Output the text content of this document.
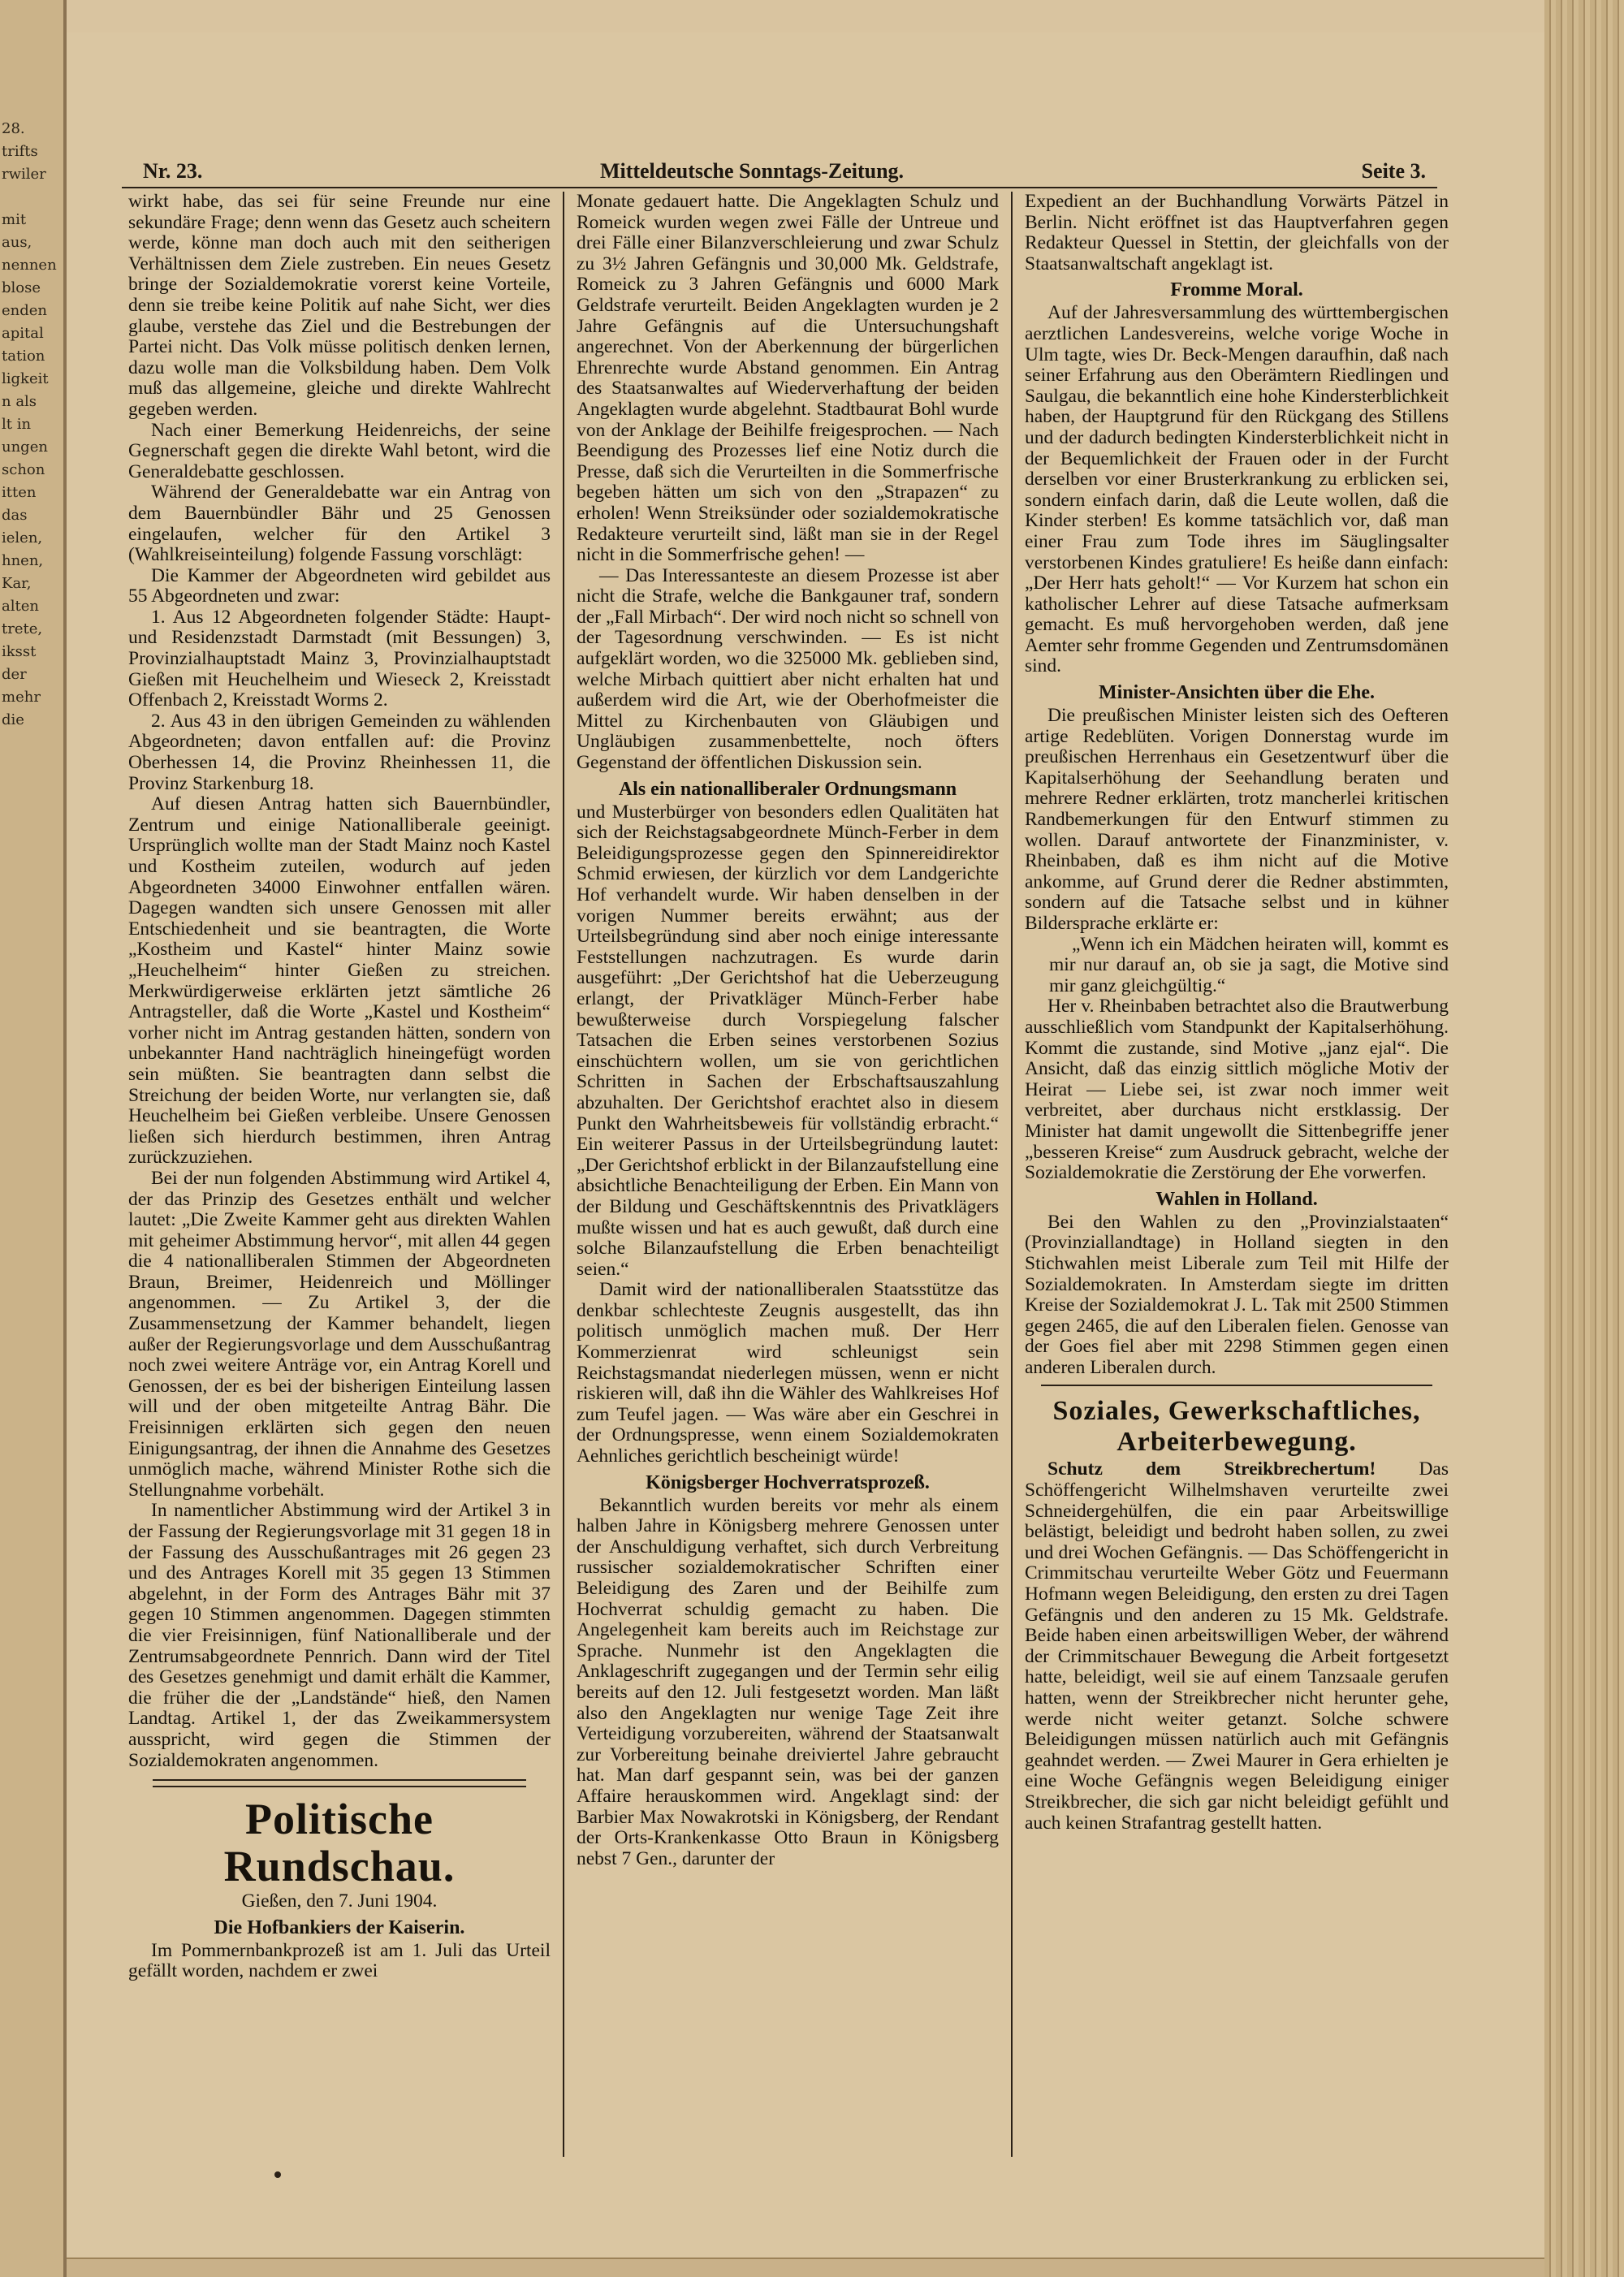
28.
trifts
rwiler
mit
aus,
nennen
blose
enden
apital
tation
ligkeit
n als
lt in
ungen
schon
itten
das
ielen,
hnen,
Kar,
alten
trete,
iksst
der
mehr
die
Nr. 23.	Mitteldeutsche Sonntags-Zeitung.	Seite 3.

wirkt habe, das sei für seine Freunde nur eine sekundäre Frage; denn wenn das Gesetz auch scheitern werde, könne man doch auch mit den seitherigen Verhältnissen dem Ziele zustreben. Ein neues Gesetz bringe der Sozialdemokratie vorerst keine Vorteile, denn sie treibe keine Politik auf nahe Sicht, wer dies glaube, verstehe das Ziel und die Bestrebungen der Partei nicht. Das Volk müsse politisch denken lernen, dazu wolle man die Volksbildung haben. Dem Volk muß das allgemeine, gleiche und direkte Wahlrecht gegeben werden.

Nach einer Bemerkung Heidenreichs, der seine Gegnerschaft gegen die direkte Wahl betont, wird die Generaldebatte geschlossen.

Während der Generaldebatte war ein Antrag von dem Bauernbündler Bähr und 25 Genossen eingelaufen, welcher für den Artikel 3 (Wahlkreiseinteilung) folgende Fassung vorschlägt:

Die Kammer der Abgeordneten wird gebildet aus 55 Abgeordneten und zwar:

1. Aus 12 Abgeordneten folgender Städte: Haupt- und Residenzstadt Darmstadt (mit Bessungen) 3, Provinzialhauptstadt Mainz 3, Provinzialhauptstadt Gießen mit Heuchelheim und Wieseck 2, Kreisstadt Offenbach 2, Kreisstadt Worms 2.

2. Aus 43 in den übrigen Gemeinden zu wählenden Abgeordneten; davon entfallen auf: die Provinz Oberhessen 14, die Provinz Rheinhessen 11, die Provinz Starkenburg 18.

Auf diesen Antrag hatten sich Bauernbündler, Zentrum und einige Nationalliberale geeinigt. Ursprünglich wollte man der Stadt Mainz noch Kastel und Kostheim zuteilen, wodurch auf jeden Abgeordneten 34000 Einwohner entfallen wären. Dagegen wandten sich unsere Genossen mit aller Entschiedenheit und sie beantragten, die Worte „Kostheim und Kastel“ hinter Mainz sowie „Heuchelheim“ hinter Gießen zu streichen. Merkwürdigerweise erklärten jetzt sämtliche 26 Antragsteller, daß die Worte „Kastel und Kostheim“ vorher nicht im Antrag gestanden hätten, sondern von unbekannter Hand nachträglich hineingefügt worden sein müßten. Sie beantragten dann selbst die Streichung der beiden Worte, nur verlangten sie, daß Heuchelheim bei Gießen verbleibe. Unsere Genossen ließen sich hierdurch bestimmen, ihren Antrag zurückzuziehen.

Bei der nun folgenden Abstimmung wird Artikel 4, der das Prinzip des Gesetzes enthält und welcher lautet: „Die Zweite Kammer geht aus direkten Wahlen mit geheimer Abstimmung hervor“, mit allen 44 gegen die 4 nationalliberalen Stimmen der Abgeordneten Braun, Breimer, Heidenreich und Möllinger angenommen. — Zu Artikel 3, der die Zusammensetzung der Kammer behandelt, liegen außer der Regierungsvorlage und dem Ausschußantrag noch zwei weitere Anträge vor, ein Antrag Korell und Genossen, der es bei der bisherigen Einteilung lassen will und der oben mitgeteilte Antrag Bähr. Die Freisinnigen erklärten sich gegen den neuen Einigungsantrag, der ihnen die Annahme des Gesetzes unmöglich mache, während Minister Rothe sich die Stellungnahme vorbehält.

In namentlicher Abstimmung wird der Artikel 3 in der Fassung der Regierungsvorlage mit 31 gegen 18 in der Fassung des Ausschußantrages mit 26 gegen 23 und des Antrages Korell mit 35 gegen 13 Stimmen abgelehnt, in der Form des Antrages Bähr mit 37 gegen 10 Stimmen angenommen. Dagegen stimmten die vier Freisinnigen, fünf Nationalliberale und der Zentrumsabgeordnete Pennrich. Dann wird der Titel des Gesetzes genehmigt und damit erhält die Kammer, die früher die der „Landstände“ hieß, den Namen Landtag. Artikel 1, der das Zweikammersystem ausspricht, wird gegen die Stimmen der Sozialdemokraten angenommen.

Politische Rundschau.
Gießen, den 7. Juni 1904.
Die Hofbankiers der Kaiserin.

Im Pommernbankprozeß ist am 1. Juli das Urteil gefällt worden, nachdem er zwei

Monate gedauert hatte. Die Angeklagten Schulz und Romeick wurden wegen zwei Fälle der Untreue und drei Fälle einer Bilanzverschleierung und zwar Schulz zu 3½ Jahren Gefängnis und 30,000 Mk. Geldstrafe, Romeick zu 3 Jahren Gefängnis und 6000 Mark Geldstrafe verurteilt. Beiden Angeklagten wurden je 2 Jahre Gefängnis auf die Untersuchungshaft angerechnet. Von der Aberkennung der bürgerlichen Ehrenrechte wurde Abstand genommen. Ein Antrag des Staatsanwaltes auf Wiederverhaftung der beiden Angeklagten wurde abgelehnt. Stadtbaurat Bohl wurde von der Anklage der Beihilfe freigesprochen. — Nach Beendigung des Prozesses lief eine Notiz durch die Presse, daß sich die Verurteilten in die Sommerfrische begeben hätten um sich von den „Strapazen“ zu erholen! Wenn Streiksünder oder sozialdemokratische Redakteure verurteilt sind, läßt man sie in der Regel nicht in die Sommerfrische gehen! —

— Das Interessanteste an diesem Prozesse ist aber nicht die Strafe, welche die Bankgauner traf, sondern der „Fall Mirbach“. Der wird noch nicht so schnell von der Tagesordnung verschwinden. — Es ist nicht aufgeklärt worden, wo die 325000 Mk. geblieben sind, welche Mirbach quittiert aber nicht erhalten hat und außerdem wird die Art, wie der Oberhofmeister die Mittel zu Kirchenbauten von Gläubigen und Ungläubigen zusammenbettelte, noch öfters Gegenstand der öffentlichen Diskussion sein.

Als ein nationalliberaler Ordnungsmann

und Musterbürger von besonders edlen Qualitäten hat sich der Reichstagsabgeordnete Münch-Ferber in dem Beleidigungsprozesse gegen den Spinnereidirektor Schmid erwiesen, der kürzlich vor dem Landgerichte Hof verhandelt wurde. Wir haben denselben in der vorigen Nummer bereits erwähnt; aus der Urteilsbegründung sind aber noch einige interessante Feststellungen nachzutragen. Es wurde darin ausgeführt: „Der Gerichtshof hat die Ueberzeugung erlangt, der Privatkläger Münch-Ferber habe bewußterweise durch Vorspiegelung falscher Tatsachen die Erben seines verstorbenen Sozius einschüchtern wollen, um sie von gerichtlichen Schritten in Sachen der Erbschaftsauszahlung abzuhalten. Der Gerichtshof erachtet also in diesem Punkt den Wahrheitsbeweis für vollständig erbracht.“ Ein weiterer Passus in der Urteilsbegründung lautet: „Der Gerichtshof erblickt in der Bilanzaufstellung eine absichtliche Benachteiligung der Erben. Ein Mann von der Bildung und Geschäftskenntnis des Privatklägers mußte wissen und hat es auch gewußt, daß durch eine solche Bilanzaufstellung die Erben benachteiligt seien.“

Damit wird der nationalliberalen Staatsstütze das denkbar schlechteste Zeugnis ausgestellt, das ihn politisch unmöglich machen muß. Der Herr Kommerzienrat wird schleunigst sein Reichstagsmandat niederlegen müssen, wenn er nicht riskieren will, daß ihn die Wähler des Wahlkreises Hof zum Teufel jagen. — Was wäre aber ein Geschrei in der Ordnungspresse, wenn einem Sozialdemokraten Aehnliches gerichtlich bescheinigt würde!

Königsberger Hochverratsprozeß.

Bekanntlich wurden bereits vor mehr als einem halben Jahre in Königsberg mehrere Genossen unter der Anschuldigung verhaftet, sich durch Verbreitung russischer sozialdemokratischer Schriften einer Beleidigung des Zaren und der Beihilfe zum Hochverrat schuldig gemacht zu haben. Die Angelegenheit kam bereits auch im Reichstage zur Sprache. Nunmehr ist den Angeklagten die Anklageschrift zugegangen und der Termin sehr eilig bereits auf den 12. Juli festgesetzt worden. Man läßt also den Angeklagten nur wenige Tage Zeit ihre Verteidigung vorzubereiten, während der Staatsanwalt zur Vorbereitung beinahe dreiviertel Jahre gebraucht hat. Man darf gespannt sein, was bei der ganzen Affaire herauskommen wird. Angeklagt sind: der Barbier Max Nowakrotski in Königsberg, der Rendant der Orts-Krankenkasse Otto Braun in Königsberg nebst 7 Gen., darunter der

Expedient an der Buchhandlung Vorwärts Pätzel in Berlin. Nicht eröffnet ist das Hauptverfahren gegen Redakteur Quessel in Stettin, der gleichfalls von der Staatsanwaltschaft angeklagt ist.

Fromme Moral.

Auf der Jahresversammlung des württembergischen aerztlichen Landesvereins, welche vorige Woche in Ulm tagte, wies Dr. Beck-Mengen daraufhin, daß nach seiner Erfahrung aus den Oberämtern Riedlingen und Saulgau, die bekanntlich eine hohe Kindersterblichkeit haben, der Hauptgrund für den Rückgang des Stillens und der dadurch bedingten Kindersterblichkeit nicht in der Bequemlichkeit der Frauen oder in der Furcht derselben vor einer Brusterkrankung zu erblicken sei, sondern einfach darin, daß die Leute wollen, daß die Kinder sterben! Es komme tatsächlich vor, daß man einer Frau zum Tode ihres im Säuglingsalter verstorbenen Kindes gratuliere! Es heiße dann einfach: „Der Herr hats geholt!“ — Vor Kurzem hat schon ein katholischer Lehrer auf diese Tatsache aufmerksam gemacht. Es muß hervorgehoben werden, daß jene Aemter sehr fromme Gegenden und Zentrumsdomänen sind.

Minister-Ansichten über die Ehe.

Die preußischen Minister leisten sich des Oefteren artige Redeblüten. Vorigen Donnerstag wurde im preußischen Herrenhaus ein Gesetzentwurf über die Kapitalserhöhung der Seehandlung beraten und mehrere Redner erklärten, trotz mancherlei kritischen Randbemerkungen für den Entwurf stimmen zu wollen. Darauf antwortete der Finanzminister, v. Rheinbaben, daß es ihm nicht auf die Motive ankomme, auf Grund derer die Redner abstimmten, sondern auf die Tatsache selbst und in kühner Bildersprache erklärte er:

„Wenn ich ein Mädchen heiraten will, kommt es mir nur darauf an, ob sie ja sagt, die Motive sind mir ganz gleichgültig.“

Her v. Rheinbaben betrachtet also die Brautwerbung ausschließlich vom Standpunkt der Kapitalserhöhung. Kommt die zustande, sind Motive „janz ejal“. Die Ansicht, daß das einzig sittlich mögliche Motiv der Heirat — Liebe sei, ist zwar noch immer weit verbreitet, aber durchaus nicht erstklassig. Der Minister hat damit ungewollt die Sittenbegriffe jener „besseren Kreise“ zum Ausdruck gebracht, welche der Sozialdemokratie die Zerstörung der Ehe vorwerfen.

Wahlen in Holland.

Bei den Wahlen zu den „Provinzialstaaten“ (Provinziallandtage) in Holland siegten in den Stichwahlen meist Liberale zum Teil mit Hilfe der Sozialdemokraten. In Amsterdam siegte im dritten Kreise der Sozialdemokrat J. L. Tak mit 2500 Stimmen gegen 2465, die auf den Liberalen fielen. Genosse van der Goes fiel aber mit 2298 Stimmen gegen einen anderen Liberalen durch.

Soziales, Gewerkschaftliches, Arbeiterbewegung.

Schutz dem Streikbrechertum! Das Schöffengericht Wilhelmshaven verurteilte zwei Schneidergehülfen, die ein paar Arbeitswillige belästigt, beleidigt und bedroht haben sollen, zu zwei und drei Wochen Gefängnis. — Das Schöffengericht in Crimmitschau verurteilte Weber Götz und Feuermann Hofmann wegen Beleidigung, den ersten zu drei Tagen Gefängnis und den anderen zu 15 Mk. Geldstrafe. Beide haben einen arbeitswilligen Weber, der während der Crimmitschauer Bewegung die Arbeit fortgesetzt hatte, beleidigt, weil sie auf einem Tanzsaale gerufen hatten, wenn der Streikbrecher nicht herunter gehe, werde nicht weiter getanzt. Solche schwere Beleidigungen müssen natürlich auch mit Gefängnis geahndet werden. — Zwei Maurer in Gera erhielten je eine Woche Gefängnis wegen Beleidigung einiger Streikbrecher, die sich gar nicht beleidigt gefühlt und auch keinen Strafantrag gestellt hatten.
